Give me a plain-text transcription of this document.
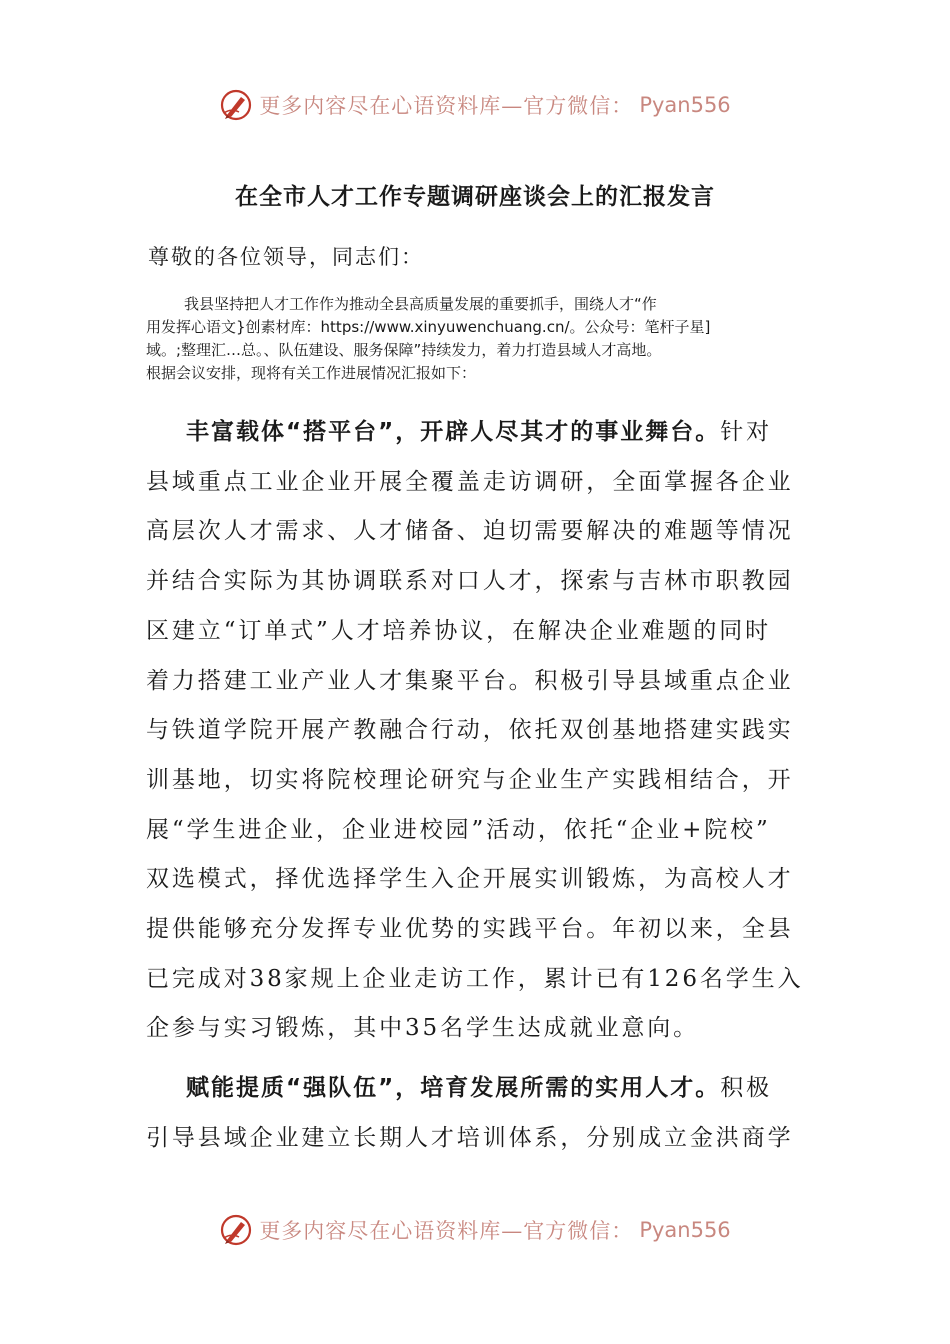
更多内容尽在心语资料库—官方微信： Pyan556
在全市人才工作专题调研座谈会上的汇报发言
尊敬的各位领导，同志们：

我县坚持把人才工作作为推动全县高质量发展的重要抓手，围绕人才“作

用发挥心语文}创素材库：https://www.xinyuwenchuang.cn/。公众号：笔杆子星]

域。;整理汇…总。、队伍建设、服务保障”持续发力，着力打造县域人才高地。

根据会议安排，现将有关工作进展情况汇报如下：

丰富载体“搭平台”，开辟人尽其才的事业舞台。针对

县域重点工业企业开展全覆盖走访调研，全面掌握各企业

高层次人才需求、人才储备、迫切需要解决的难题等情况

并结合实际为其协调联系对口人才，探索与吉林市职教园

区建立“订单式”人才培养协议，在解决企业难题的同时

着力搭建工业产业人才集聚平台。积极引导县域重点企业

与铁道学院开展产教融合行动，依托双创基地搭建实践实

训基地，切实将院校理论研究与企业生产实践相结合，开

展“学生进企业，企业进校园”活动，依托“企业+院校”

双选模式，择优选择学生入企开展实训锻炼，为高校人才

提供能够充分发挥专业优势的实践平台。年初以来，全县

已完成对38家规上企业走访工作，累计已有126名学生入

企参与实习锻炼，其中35名学生达成就业意向。

赋能提质“强队伍”，培育发展所需的实用人才。积极

引导县域企业建立长期人才培训体系，分别成立金洪商学

更多内容尽在心语资料库—官方微信： Pyan556
